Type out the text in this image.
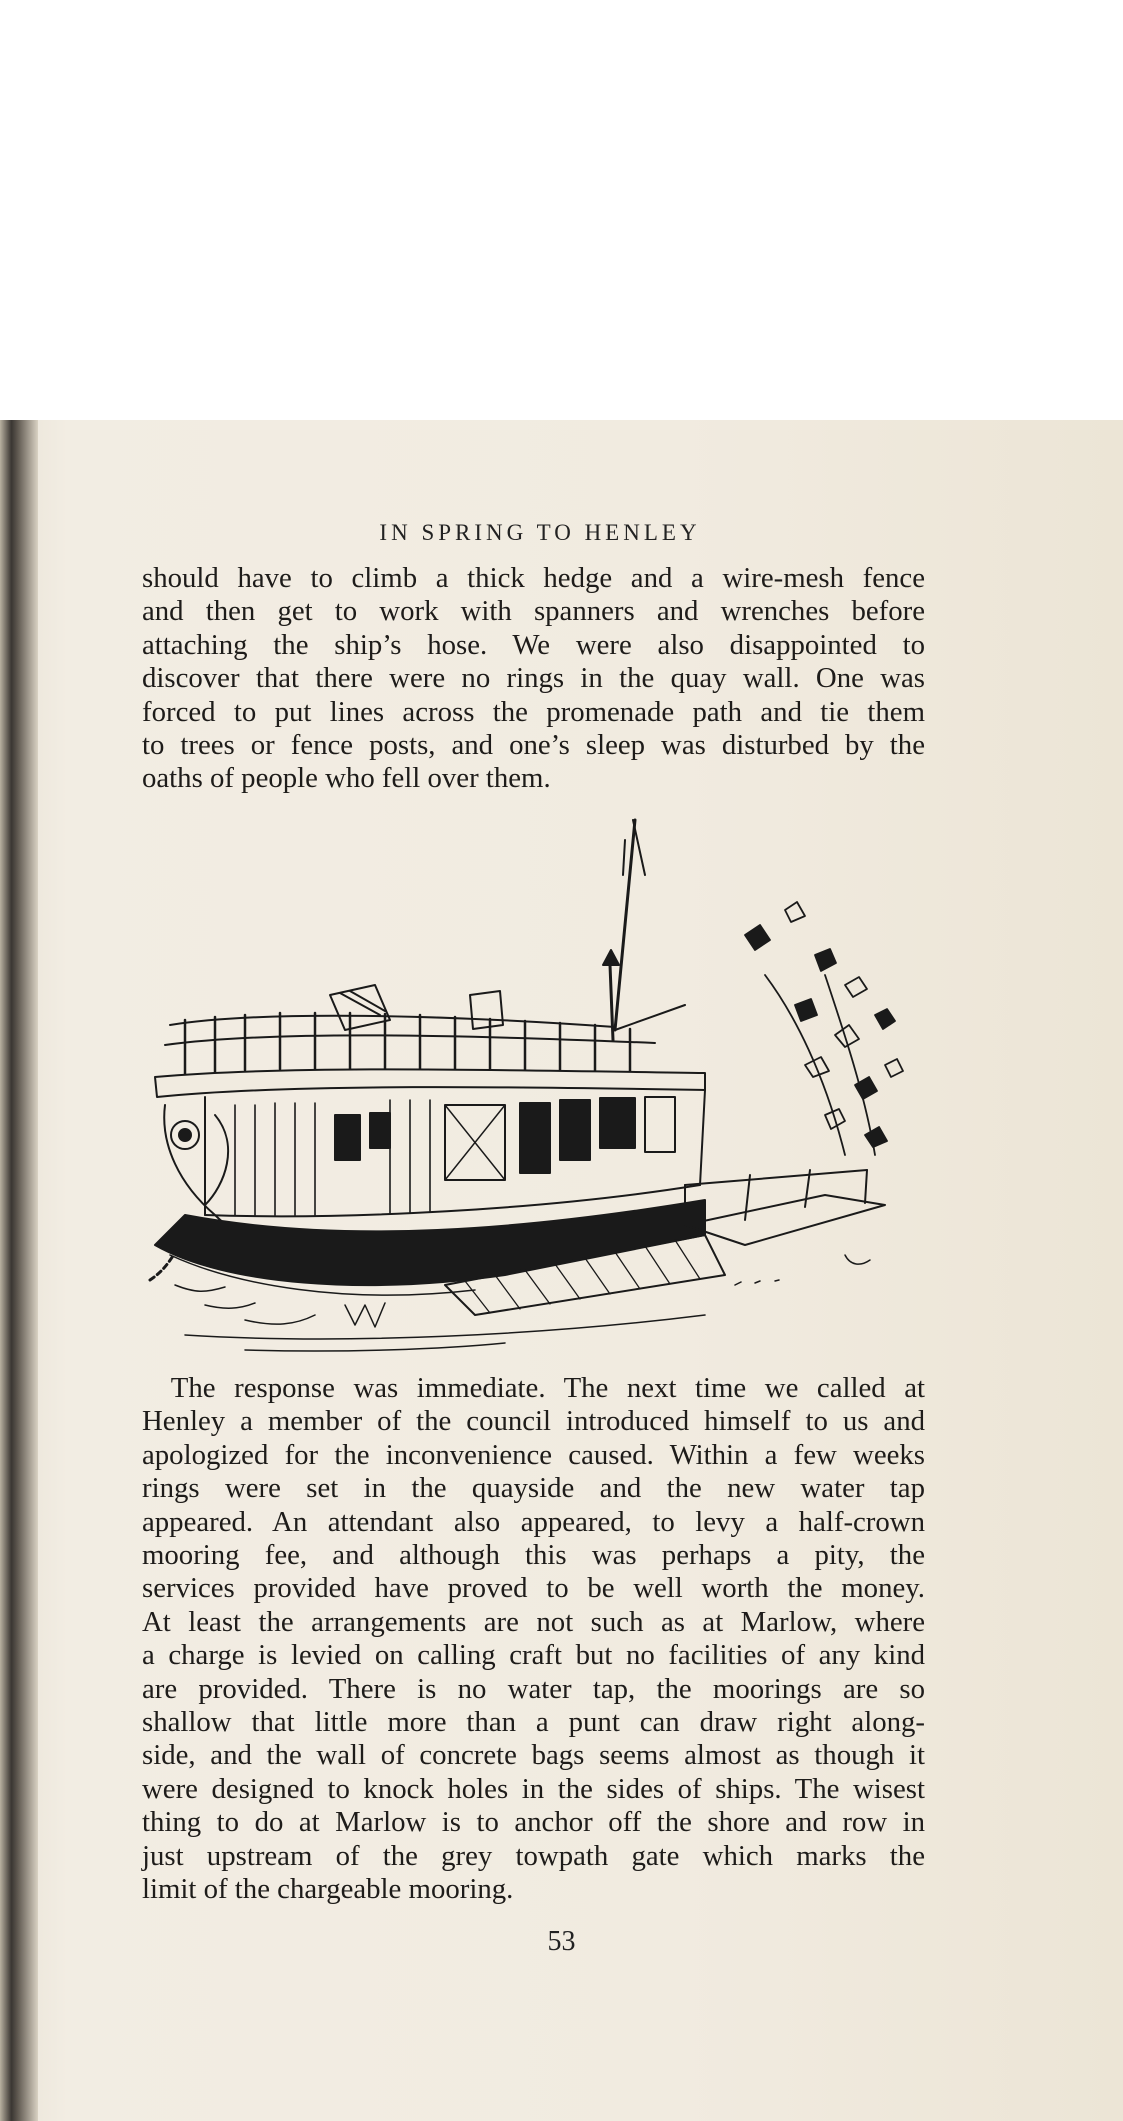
IN SPRING TO HENLEY
should have to climb a thick hedge and a wire-mesh fence
and then get to work with spanners and wrenches before
attaching the ship’s hose. We were also disappointed to
discover that there were no rings in the quay wall. One was
forced to put lines across the promenade path and tie them
to trees or fence posts, and one’s sleep was disturbed by the
oaths of people who fell over them.
 The response was immediate. The next time we called at
Henley a member of the council introduced himself to us and
apologized for the inconvenience caused. Within a few weeks
rings were set in the quayside and the new water tap
appeared. An attendant also appeared, to levy a half-crown
mooring fee, and although this was perhaps a pity, the
services provided have proved to be well worth the money.
At least the arrangements are not such as at Marlow, where
a charge is levied on calling craft but no facilities of any kind
are provided. There is no water tap, the moorings are so
shallow that little more than a punt can draw right along-
side, and the wall of concrete bags seems almost as though it
were designed to knock holes in the sides of ships. The wisest
thing to do at Marlow is to anchor off the shore and row in
just upstream of the grey towpath gate which marks the
limit of the chargeable mooring.
53
